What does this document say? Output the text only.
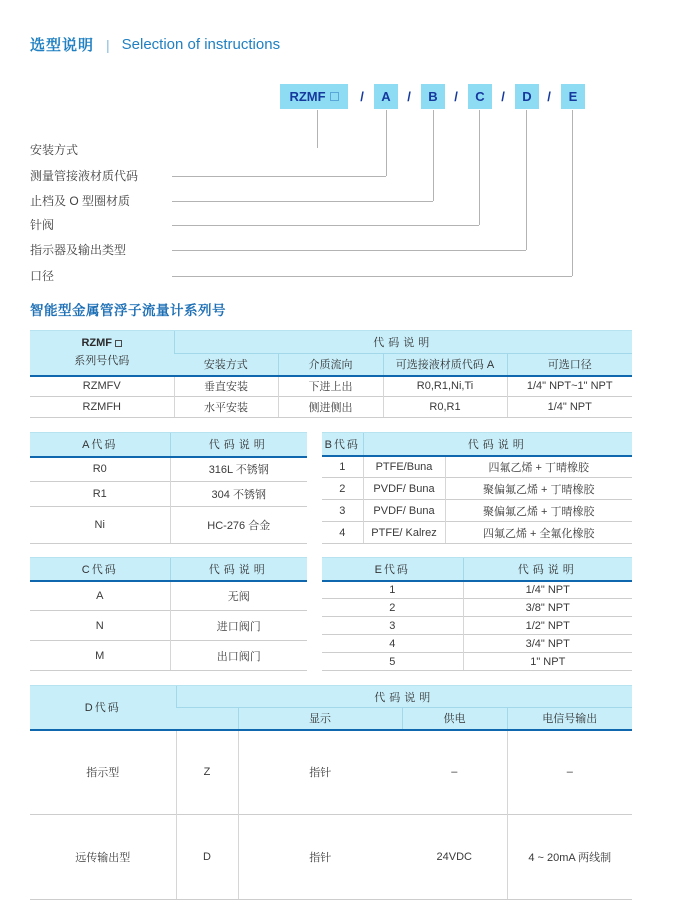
选型说明 | Selection of instructions
RZMF	/	A	/	B	/	C	/	D	/	E
安装方式
测量管接液材质代码
止档及 O 型圈材质
针阀
指示器及输出类型
口径
智能型金属管浮子流量计系列号
RZMF
系列号代码	代码说明			
	安装方式	介质流向	可选接液材质代码 A	可选口径
RZMFV	垂直安装	下进上出	R0,R1,Ni,Ti	1/4" NPT~1" NPT
RZMFH	水平安装	侧进侧出	R0,R1	1/4" NPT
A代码	代码说明
R0	316L 不锈钢
R1	304 不锈钢
Ni	HC-276 合金
B代码	代码说明	
1	PTFE/Buna	四氟乙烯 + 丁晴橡胶
2	PVDF/ Buna	聚偏氟乙烯 + 丁晴橡胶
3	PVDF/ Buna	聚偏氟乙烯 + 丁晴橡胶
4	PTFE/ Kalrez	四氟乙烯 + 全氟化橡胶
C代码	代码说明
A	无阀
N	进口阀门
M	出口阀门
E代码	代码说明
1	1/4" NPT
2	3/8" NPT
3	1/2" NPT
4	3/4" NPT
5	1" NPT
D代码	代码说明			
		显示	供电	电信号输出
指示型	Z	指针	–	–
远传输出型	D	指针	24VDC	4 ~ 20mA 两线制
